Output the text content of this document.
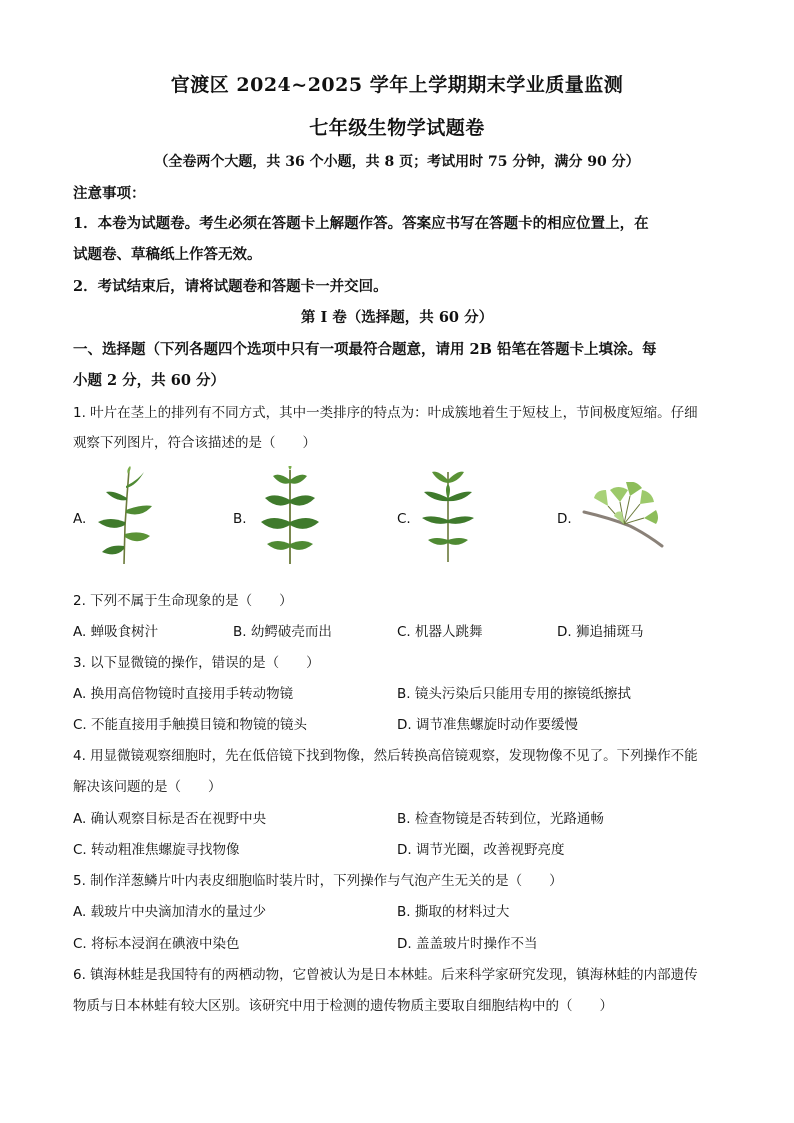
官渡区 2024~2025 学年上学期期末学业质量监测
七年级生物学试题卷
（全卷两个大题，共 36 个小题，共 8 页；考试用时 75 分钟，满分 90 分）
注意事项：
1．本卷为试题卷。考生必须在答题卡上解题作答。答案应书写在答题卡的相应位置上，在
试题卷、草稿纸上作答无效。
2．考试结束后，请将试题卷和答题卡一并交回。
第 I 卷（选择题，共 60 分）
一、选择题（下列各题四个选项中只有一项最符合题意，请用 2B 铅笔在答题卡上填涂。每
小题 2 分，共 60 分）
1. 叶片在茎上的排列有不同方式，其中一类排序的特点为：叶成簇地着生于短枝上，节间极度短缩。仔细
观察下列图片，符合该描述的是（　　）
A.	B.	C.	D.
2. 下列不属于生命现象的是（　　）
A. 蝉吸食树汁	B. 幼鳄破壳而出	C. 机器人跳舞	D. 狮追捕斑马
3. 以下显微镜的操作，错误的是（　　）
A. 换用高倍物镜时直接用手转动物镜	B. 镜头污染后只能用专用的擦镜纸擦拭
C. 不能直接用手触摸目镜和物镜的镜头	D. 调节准焦螺旋时动作要缓慢
4. 用显微镜观察细胞时，先在低倍镜下找到物像，然后转换高倍镜观察，发现物像不见了。下列操作不能
解决该问题的是（　　）
A. 确认观察目标是否在视野中央	B. 检查物镜是否转到位，光路通畅
C. 转动粗准焦螺旋寻找物像	D. 调节光圈，改善视野亮度
5. 制作洋葱鳞片叶内表皮细胞临时装片时，下列操作与气泡产生无关的是（　　）
A. 载玻片中央滴加清水的量过少	B. 撕取的材料过大
C. 将标本浸润在碘液中染色	D. 盖盖玻片时操作不当
6. 镇海林蛙是我国特有的两栖动物，它曾被认为是日本林蛙。后来科学家研究发现，镇海林蛙的内部遗传
物质与日本林蛙有较大区别。该研究中用于检测的遗传物质主要取自细胞结构中的（　　）
